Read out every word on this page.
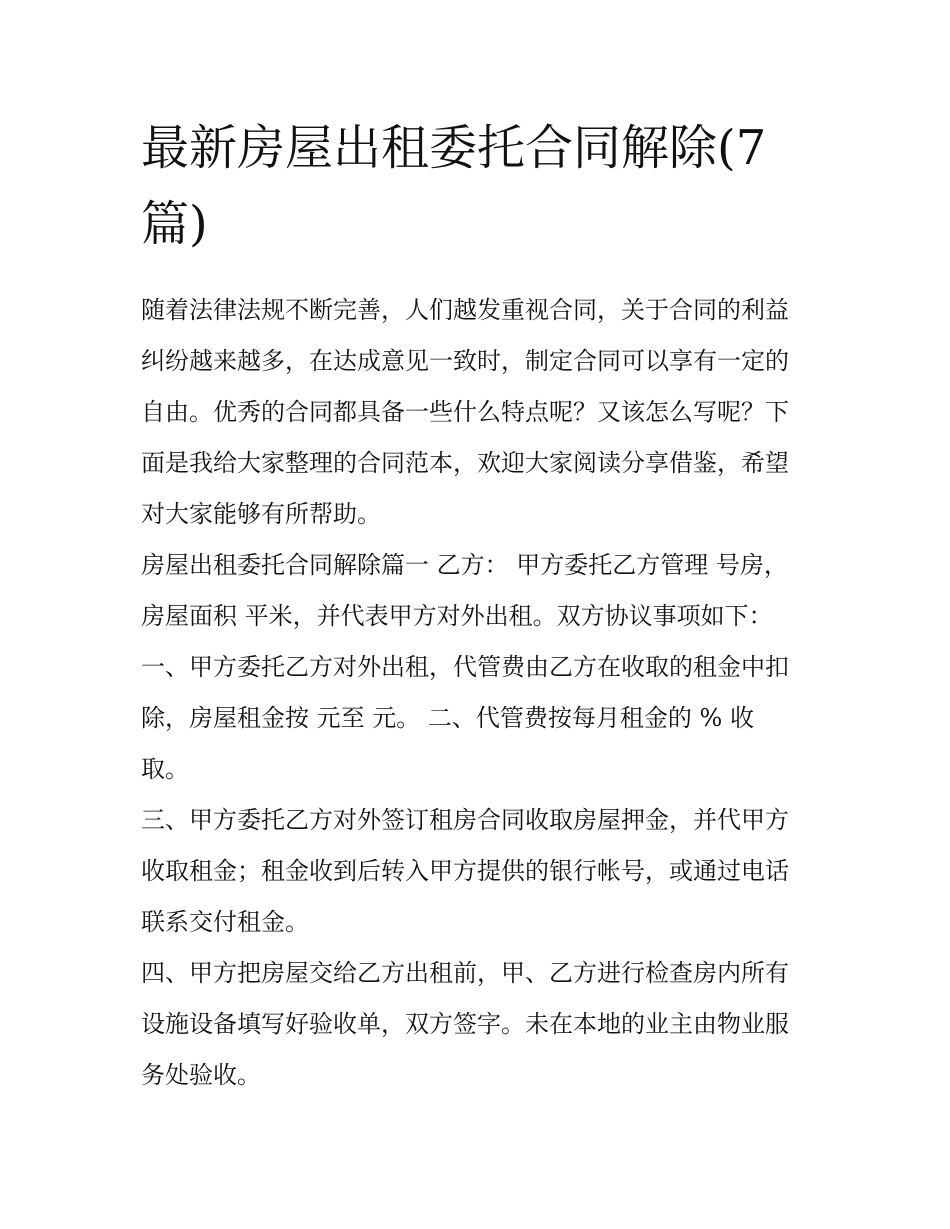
最新房屋出租委托合同解除(7
篇)
随着法律法规不断完善，人们越发重视合同，关于合同的利益
纠纷越来越多，在达成意见一致时，制定合同可以享有一定的
自由。优秀的合同都具备一些什么特点呢？又该怎么写呢？下
面是我给大家整理的合同范本，欢迎大家阅读分享借鉴，希望
对大家能够有所帮助。
房屋出租委托合同解除篇一 乙方： 甲方委托乙方管理 号房，
房屋面积 平米，并代表甲方对外出租。双方协议事项如下：
一、甲方委托乙方对外出租，代管费由乙方在收取的租金中扣
除，房屋租金按 元至 元。 二、代管费按每月租金的 % 收
取。
三、甲方委托乙方对外签订租房合同收取房屋押金，并代甲方
收取租金；租金收到后转入甲方提供的银行帐号，或通过电话
联系交付租金。
四、甲方把房屋交给乙方出租前，甲、乙方进行检查房内所有
设施设备填写好验收单，双方签字。未在本地的业主由物业服
务处验收。
